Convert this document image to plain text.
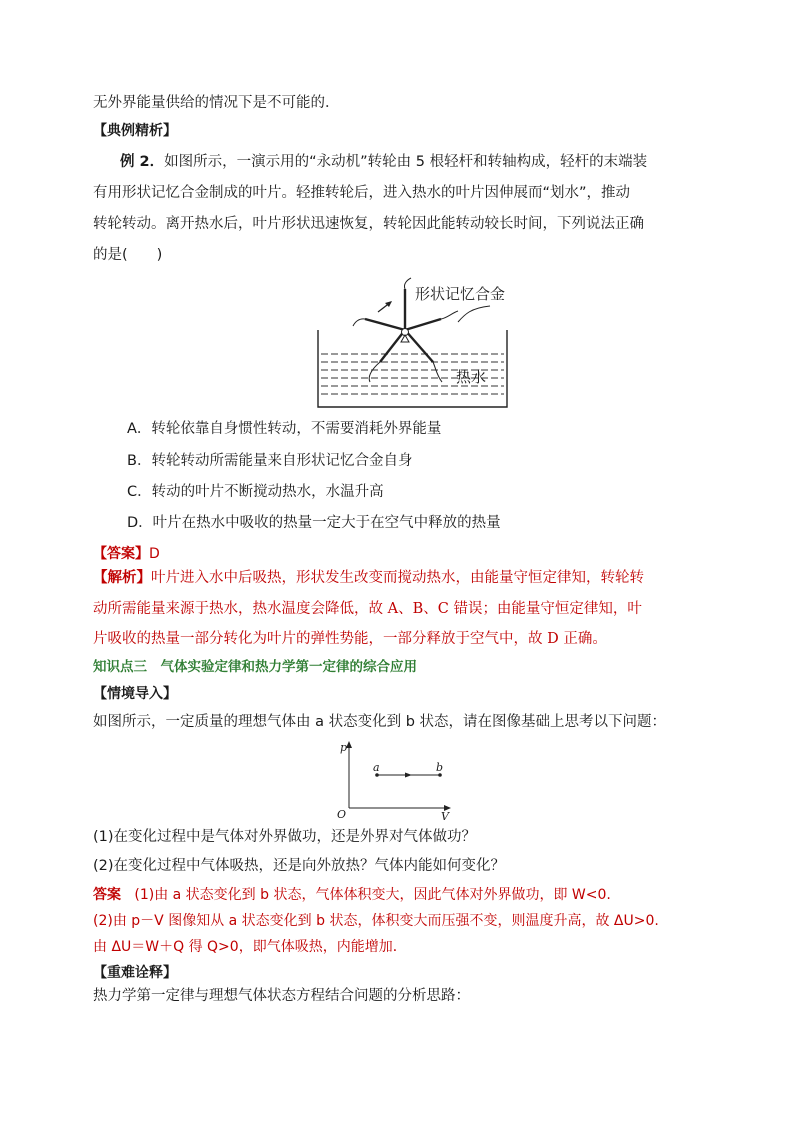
无外界能量供给的情况下是不可能的．
【典例精析】
例 2．如图所示，一演示用的“永动机”转轮由 5 根轻杆和转轴构成，轻杆的末端装
有用形状记忆合金制成的叶片。轻推转轮后，进入热水的叶片因伸展而“划水”，推动
转轮转动。离开热水后，叶片形状迅速恢复，转轮因此能转动较长时间，下列说法正确
的是(　　)
形状记忆合金
热水
A．转轮依靠自身惯性转动，不需要消耗外界能量
B．转轮转动所需能量来自形状记忆合金自身
C．转动的叶片不断搅动热水，水温升高
D．叶片在热水中吸收的热量一定大于在空气中释放的热量
【答案】D
【解析】叶片进入水中后吸热，形状发生改变而搅动热水，由能量守恒定律知，转轮转
动所需能量来源于热水，热水温度会降低，故 A、B、C 错误；由能量守恒定律知，叶
片吸收的热量一部分转化为叶片的弹性势能，一部分释放于空气中，故 D 正确。
知识点三　气体实验定律和热力学第一定律的综合应用
【情境导入】
如图所示，一定质量的理想气体由 a 状态变化到 b 状态，请在图像基础上思考以下问题：
p
V
O
a	b
(1)在变化过程中是气体对外界做功，还是外界对气体做功？
(2)在变化过程中气体吸热，还是向外放热？气体内能如何变化？
答案 (1)由 a 状态变化到 b 状态，气体体积变大，因此气体对外界做功，即 W<0.
(2)由 p－V 图像知从 a 状态变化到 b 状态，体积变大而压强不变，则温度升高，故 ΔU>0.
由 ΔU＝W＋Q 得 Q>0，即气体吸热，内能增加．
【重难诠释】
热力学第一定律与理想气体状态方程结合问题的分析思路：
